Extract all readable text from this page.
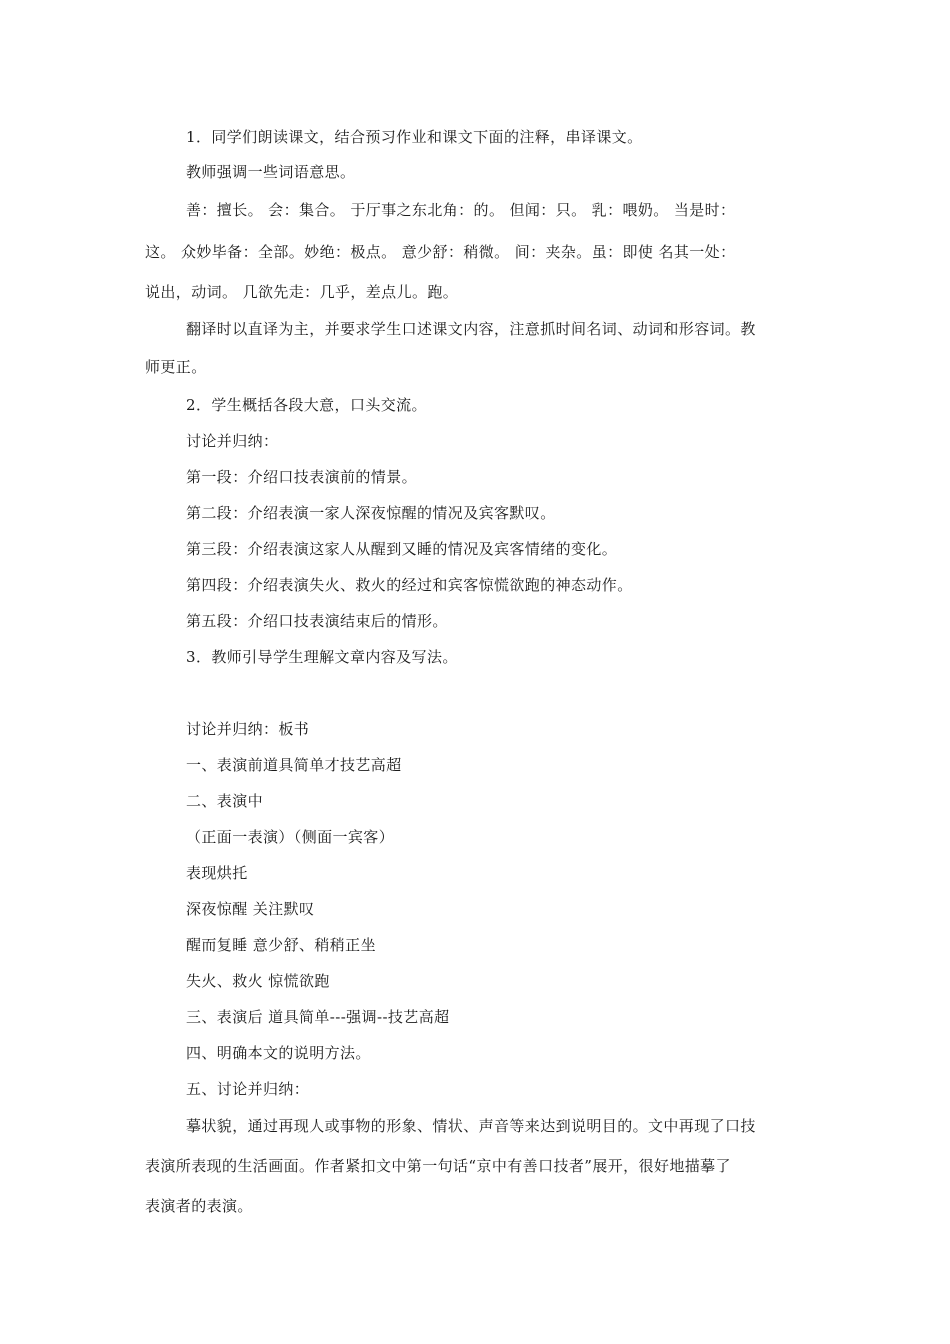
1．同学们朗读课文，结合预习作业和课文下面的注释，串译课文。
教师强调一些词语意思。
善：擅长。 会：集合。 于厅事之东北角：的。 但闻：只。 乳：喂奶。 当是时：
这。 众妙毕备：全部。妙绝：极点。 意少舒：稍微。 间：夹杂。虽：即使 名其一处：
说出，动词。 几欲先走：几乎，差点儿。跑。
翻译时以直译为主，并要求学生口述课文内容，注意抓时间名词、动词和形容词。教
师更正。
2．学生概括各段大意，口头交流。
讨论并归纳：
第一段：介绍口技表演前的情景。
第二段：介绍表演一家人深夜惊醒的情况及宾客默叹。
第三段：介绍表演这家人从醒到又睡的情况及宾客情绪的变化。
第四段：介绍表演失火、救火的经过和宾客惊慌欲跑的神态动作。
第五段：介绍口技表演结束后的情形。
3．教师引导学生理解文章内容及写法。
讨论并归纳：板书
一、表演前道具简单才技艺高超
二、表演中
（正面一表演）（侧面一宾客）
表现烘托
深夜惊醒 关注默叹
醒而复睡 意少舒、稍稍正坐
失火、救火 惊慌欲跑
三、表演后 道具简单---强调--技艺高超
四、明确本文的说明方法。
五、讨论并归纳：
摹状貌，通过再现人或事物的形象、情状、声音等来达到说明目的。文中再现了口技
表演所表现的生活画面。作者紧扣文中第一句话“京中有善口技者”展开，很好地描摹了
表演者的表演。
